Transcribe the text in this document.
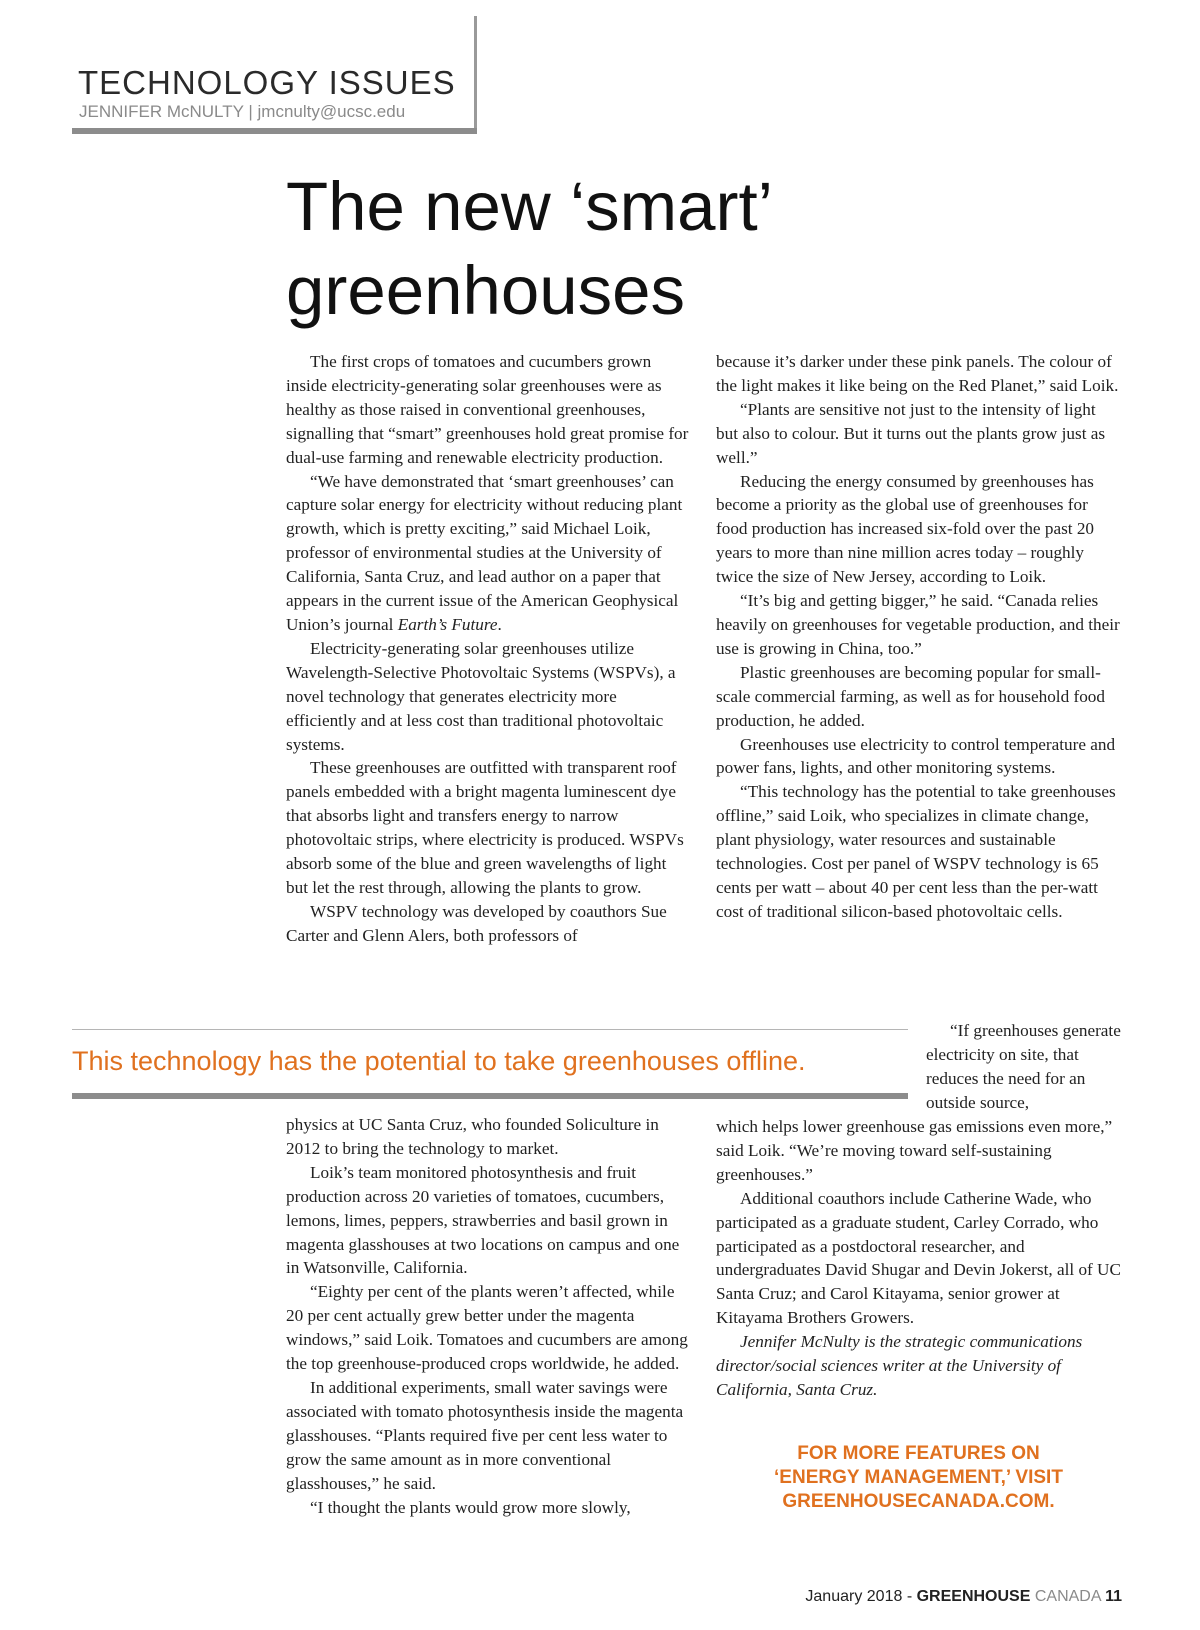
TECHNOLOGY ISSUES
JENNIFER McNULTY | jmcnulty@ucsc.edu
The new ‘smart’
greenhouses

The first crops of tomatoes and cucumbers grown inside electricity-generating solar greenhouses were as healthy as those raised in conventional greenhouses, signalling that “smart” greenhouses hold great promise for dual-use farming and renewable electricity production.

“We have demonstrated that ‘smart greenhouses’ can capture solar energy for electricity without reducing plant growth, which is pretty exciting,” said Michael Loik, professor of environmental studies at the University of California, Santa Cruz, and lead author on a paper that appears in the current issue of the American Geophysical Union’s journal Earth’s Future.

Electricity-generating solar greenhouses utilize Wavelength-Selective Photovoltaic Systems (WSPVs), a novel technology that generates electricity more efficiently and at less cost than traditional photovoltaic systems.

These greenhouses are outfitted with transparent roof panels embedded with a bright magenta luminescent dye that absorbs light and transfers energy to narrow photovoltaic strips, where electricity is produced. WSPVs absorb some of the blue and green wavelengths of light but let the rest through, allowing the plants to grow.

WSPV technology was developed by coauthors Sue Carter and Glenn Alers, both professors of

because it’s darker under these pink panels. The colour of the light makes it like being on the Red Planet,” said Loik.

“Plants are sensitive not just to the intensity of light but also to colour. But it turns out the plants grow just as well.”

Reducing the energy consumed by greenhouses has become a priority as the global use of greenhouses for food production has increased six-fold over the past 20 years to more than nine million acres today – roughly twice the size of New Jersey, according to Loik.

“It’s big and getting bigger,” he said. “Canada relies heavily on greenhouses for vegetable production, and their use is growing in China, too.”

Plastic greenhouses are becoming popular for small-scale commercial farming, as well as for household food production, he added.

Greenhouses use electricity to control temperature and power fans, lights, and other monitoring systems.

“This technology has the potential to take greenhouses offline,” said Loik, who specializes in climate change, plant physiology, water resources and sustainable technologies. Cost per panel of WSPV technology is 65 cents per watt – about 40 per cent less than the per-watt cost of traditional silicon-based photovoltaic cells.

This technology has the potential to take greenhouses offline.

“If greenhouses generate electricity on site, that reduces the need for an outside source,

physics at UC Santa Cruz, who founded Soliculture in 2012 to bring the technology to market.

Loik’s team monitored photosynthesis and fruit production across 20 varieties of tomatoes, cucumbers, lemons, limes, peppers, strawberries and basil grown in magenta glasshouses at two locations on campus and one in Watsonville, California.

“Eighty per cent of the plants weren’t affected, while 20 per cent actually grew better under the magenta windows,” said Loik. Tomatoes and cucumbers are among the top greenhouse-produced crops worldwide, he added.

In additional experiments, small water savings were associated with tomato photosynthesis inside the magenta glasshouses. “Plants required five per cent less water to grow the same amount as in more conventional glasshouses,” he said.

“I thought the plants would grow more slowly,

which helps lower greenhouse gas emissions even more,” said Loik. “We’re moving toward self-sustaining greenhouses.”

Additional coauthors include Catherine Wade, who participated as a graduate student, Carley Corrado, who participated as a postdoctoral researcher, and undergraduates David Shugar and Devin Jokerst, all of UC Santa Cruz; and Carol Kitayama, senior grower at Kitayama Brothers Growers.

Jennifer McNulty is the strategic communications director/social sciences writer at the University of California, Santa Cruz.

FOR MORE FEATURES ON
‘ENERGY MANAGEMENT,’ VISIT
GREENHOUSECANADA.COM.
January 2018 - GREENHOUSE CANADA 11
